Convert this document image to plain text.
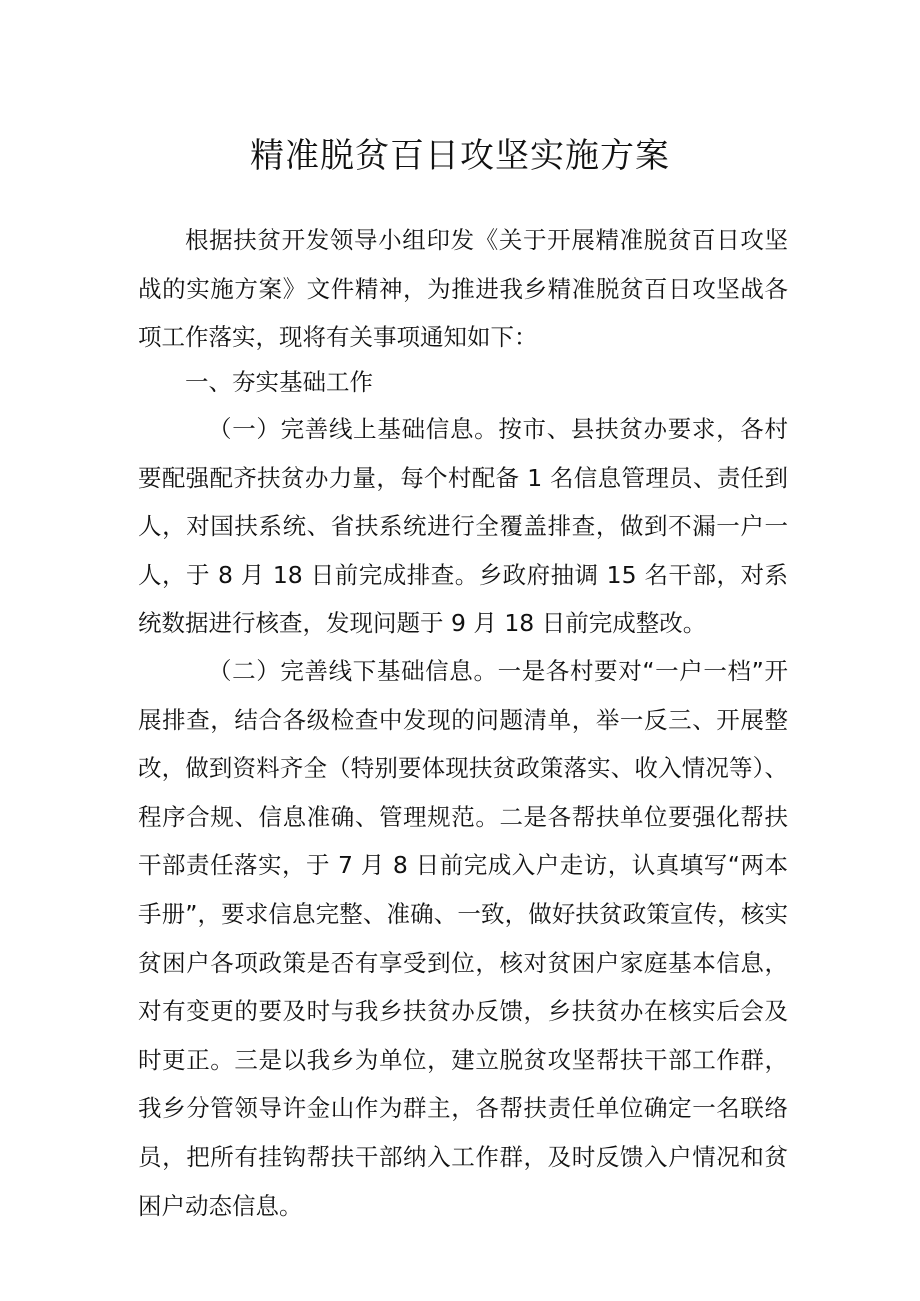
精准脱贫百日攻坚实施方案

根据扶贫开发领导小组印发《关于开展精准脱贫百日攻坚战的实施方案》文件精神，为推进我乡精准脱贫百日攻坚战各项工作落实，现将有关事项通知如下：

一、夯实基础工作

（一）完善线上基础信息。按市、县扶贫办要求，各村要配强配齐扶贫办力量，每个村配备 1 名信息管理员、责任到人，对国扶系统、省扶系统进行全覆盖排查，做到不漏一户一人，于 8 月 18 日前完成排查。乡政府抽调 15 名干部，对系统数据进行核查，发现问题于 9 月 18 日前完成整改。

（二）完善线下基础信息。一是各村要对“一户一档”开展排查，结合各级检查中发现的问题清单，举一反三、开展整改，做到资料齐全（特别要体现扶贫政策落实、收入情况等）、程序合规、信息准确、管理规范。二是各帮扶单位要强化帮扶干部责任落实，于 7 月 8 日前完成入户走访，认真填写“两本手册”，要求信息完整、准确、一致，做好扶贫政策宣传，核实贫困户各项政策是否有享受到位，核对贫困户家庭基本信息，对有变更的要及时与我乡扶贫办反馈，乡扶贫办在核实后会及时更正。三是以我乡为单位，建立脱贫攻坚帮扶干部工作群，我乡分管领导许金山作为群主，各帮扶责任单位确定一名联络员，把所有挂钩帮扶干部纳入工作群，及时反馈入户情况和贫困户动态信息。
